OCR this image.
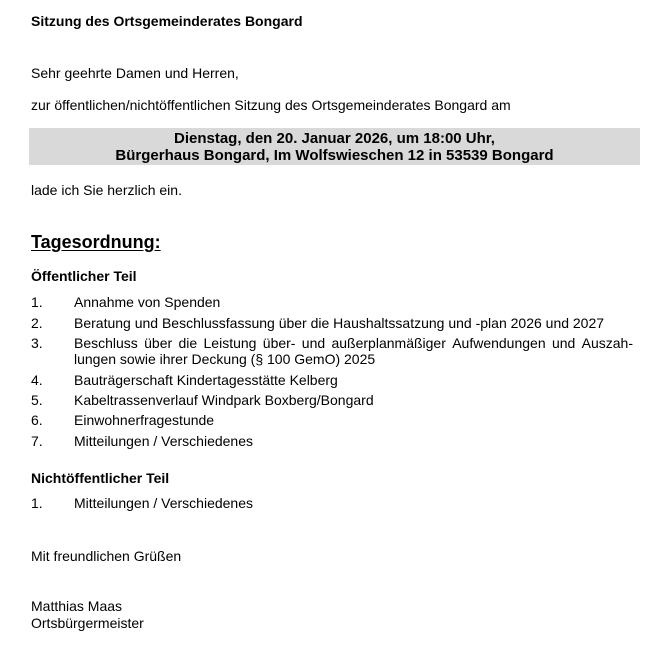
Sitzung des Ortsgemeinderates Bongard
Sehr geehrte Damen und Herren,
zur öffentlichen/nichtöffentlichen Sitzung des Ortsgemeinderates Bongard am
Dienstag, den 20. Januar 2026, um 18:00 Uhr,
Bürgerhaus Bongard, Im Wolfswieschen 12 in 53539 Bongard
lade ich Sie herzlich ein.
Tagesordnung:
Öffentlicher Teil
1. Annahme von Spenden
2. Beratung und Beschlussfassung über die Haushaltssatzung und -plan 2026 und 2027
3. Beschluss über die Leistung über- und außerplanmäßiger Aufwendungen und Auszah-
lungen sowie ihrer Deckung (§ 100 GemO) 2025
4. Bauträgerschaft Kindertagesstätte Kelberg
5. Kabeltrassenverlauf Windpark Boxberg/Bongard
6. Einwohnerfragestunde
7. Mitteilungen / Verschiedenes
Nichtöffentlicher Teil
1. Mitteilungen / Verschiedenes
Mit freundlichen Grüßen
Matthias Maas
Ortsbürgermeister
